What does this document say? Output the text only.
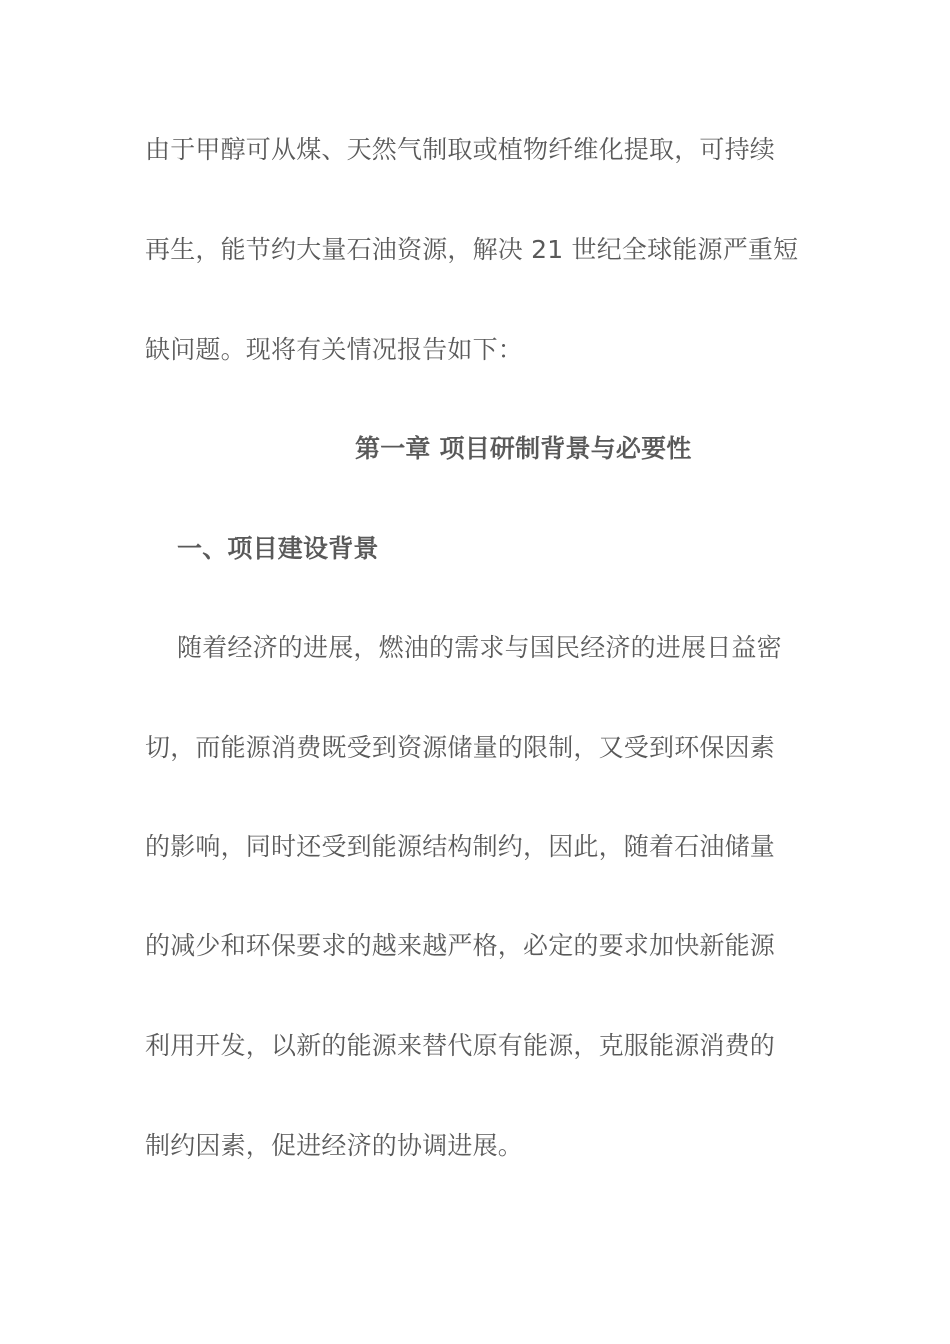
由于甲醇可从煤、天然气制取或植物纤维化提取，可持续
再生，能节约大量石油资源，解决 21 世纪全球能源严重短
缺问题。现将有关情况报告如下：
第一章 项目研制背景与必要性
一、项目建设背景
随着经济的进展，燃油的需求与国民经济的进展日益密
切，而能源消费既受到资源储量的限制，又受到环保因素
的影响，同时还受到能源结构制约，因此，随着石油储量
的减少和环保要求的越来越严格，必定的要求加快新能源
利用开发，以新的能源来替代原有能源，克服能源消费的
制约因素，促进经济的协调进展。
